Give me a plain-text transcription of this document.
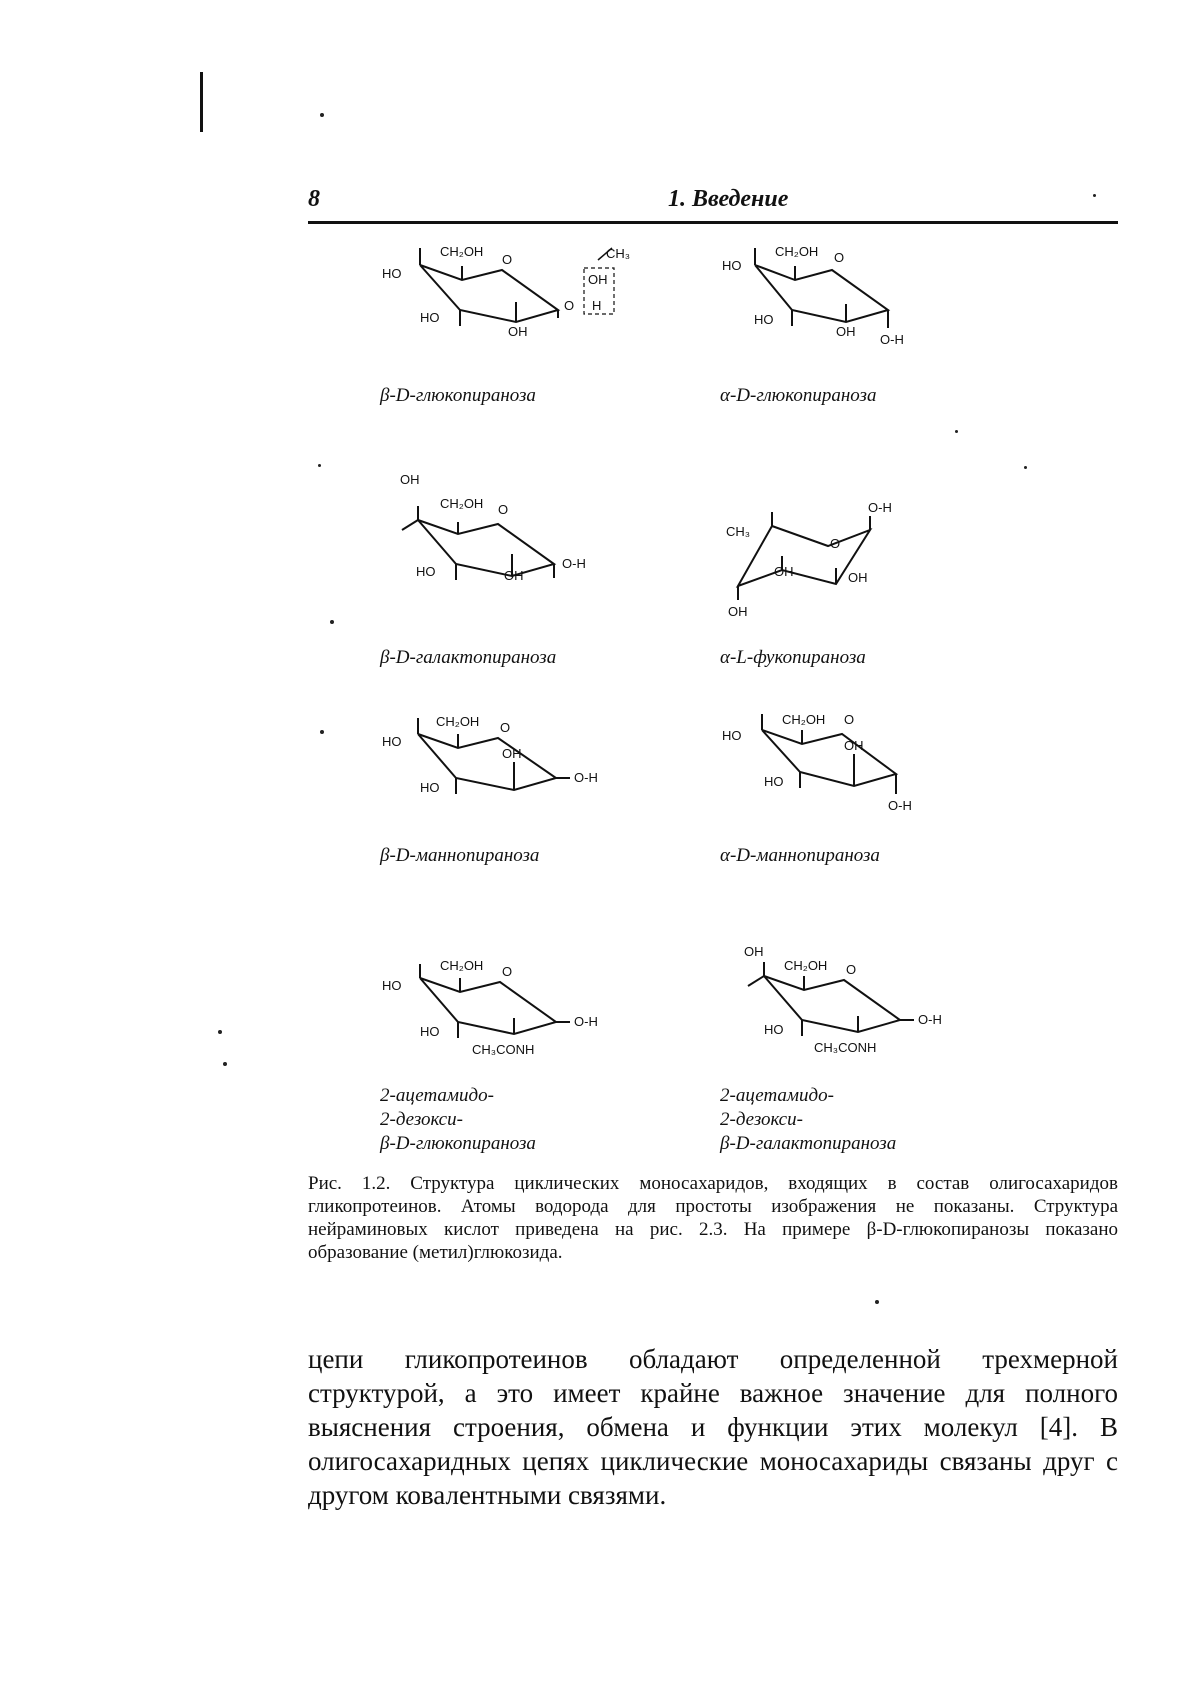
8	1. Введение
HO
CH₂OH
O	CH₃
OH
HO
OH
O H
β-D-глюкопираноза
HO
CH₂OH O
HO
OH
O-H
α-D-глюкопираноза
OH
CH₂OH O
HO	OH
O-H
β-D-галактопираноза
CH₃
O
O-H
OH
OH
OH
α-L-фукопираноза
HO
CH₂OH O
OH
HO
O-H
β-D-маннопираноза
HO
CH₂OH O
OH
HO
O-H
α-D-маннопираноза
HO
CH₂OH O
HO
CH₃CONH
O-H
2-ацетамидо-
2-дезокси-
β-D-глюкопираноза
OH
CH₂OH O
HO
CH₃CONH
O-H
2-ацетамидо-
2-дезокси-
β-D-галактопираноза
Рис. 1.2. Структура циклических моносахаридов, входящих в состав олигосахаридов гликопротеинов. Атомы водорода для простоты изображения не показаны. Структура нейраминовых кислот приведена на рис. 2.3. На примере β-D-глюкопиранозы показано образование (метил)глюкозида.
цепи гликопротеинов обладают определенной трехмерной структурой, а это имеет крайне важное значение для полного выяснения строения, обмена и функции этих молекул [4]. В олигосахаридных цепях циклические моносахариды связаны друг с другом ковалентными связями.
